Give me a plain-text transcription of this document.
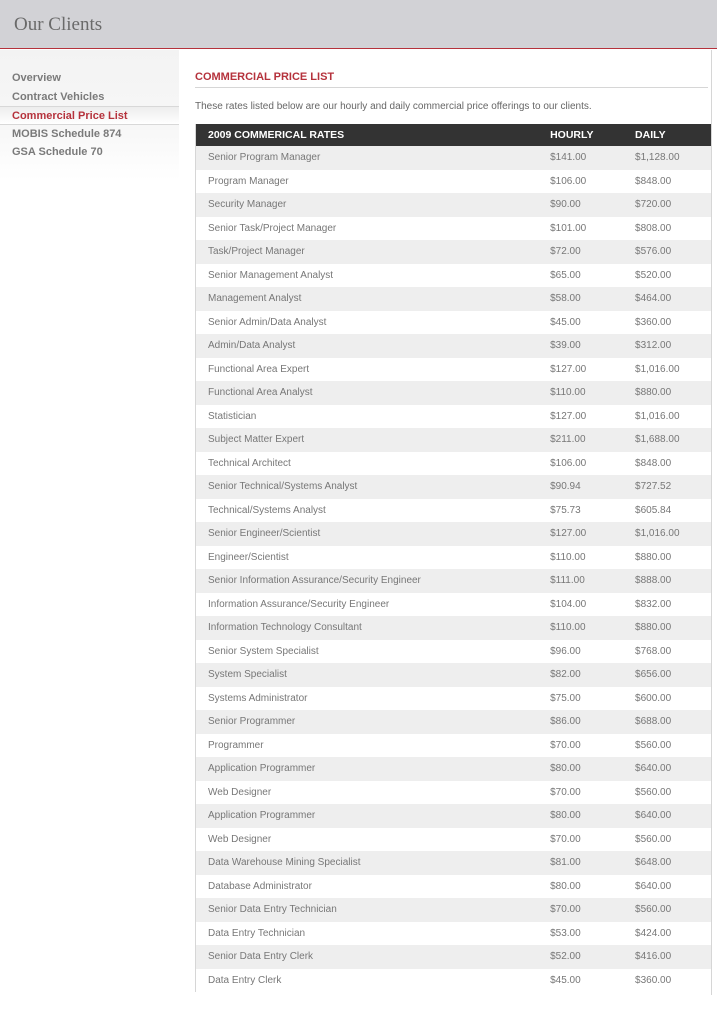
Our Clients
Overview
Contract Vehicles
Commercial Price List
MOBIS Schedule 874
GSA Schedule 70
COMMERCIAL PRICE LIST
These rates listed below are our hourly and daily commercial price offerings to our clients.
2009 COMMERICAL RATES	HOURLY	DAILY
Senior Program Manager	$141.00	$1,128.00
Program Manager	$106.00	$848.00
Security Manager	$90.00	$720.00
Senior Task/Project Manager	$101.00	$808.00
Task/Project Manager	$72.00	$576.00
Senior Management Analyst	$65.00	$520.00
Management Analyst	$58.00	$464.00
Senior Admin/Data Analyst	$45.00	$360.00
Admin/Data Analyst	$39.00	$312.00
Functional Area Expert	$127.00	$1,016.00
Functional Area Analyst	$110.00	$880.00
Statistician	$127.00	$1,016.00
Subject Matter Expert	$211.00	$1,688.00
Technical Architect	$106.00	$848.00
Senior Technical/Systems Analyst	$90.94	$727.52
Technical/Systems Analyst	$75.73	$605.84
Senior Engineer/Scientist	$127.00	$1,016.00
Engineer/Scientist	$110.00	$880.00
Senior Information Assurance/Security Engineer	$111.00	$888.00
Information Assurance/Security Engineer	$104.00	$832.00
Information Technology Consultant	$110.00	$880.00
Senior System Specialist	$96.00	$768.00
System Specialist	$82.00	$656.00
Systems Administrator	$75.00	$600.00
Senior Programmer	$86.00	$688.00
Programmer	$70.00	$560.00
Application Programmer	$80.00	$640.00
Web Designer	$70.00	$560.00
Application Programmer	$80.00	$640.00
Web Designer	$70.00	$560.00
Data Warehouse Mining Specialist	$81.00	$648.00
Database Administrator	$80.00	$640.00
Senior Data Entry Technician	$70.00	$560.00
Data Entry Technician	$53.00	$424.00
Senior Data Entry Clerk	$52.00	$416.00
Data Entry Clerk	$45.00	$360.00
